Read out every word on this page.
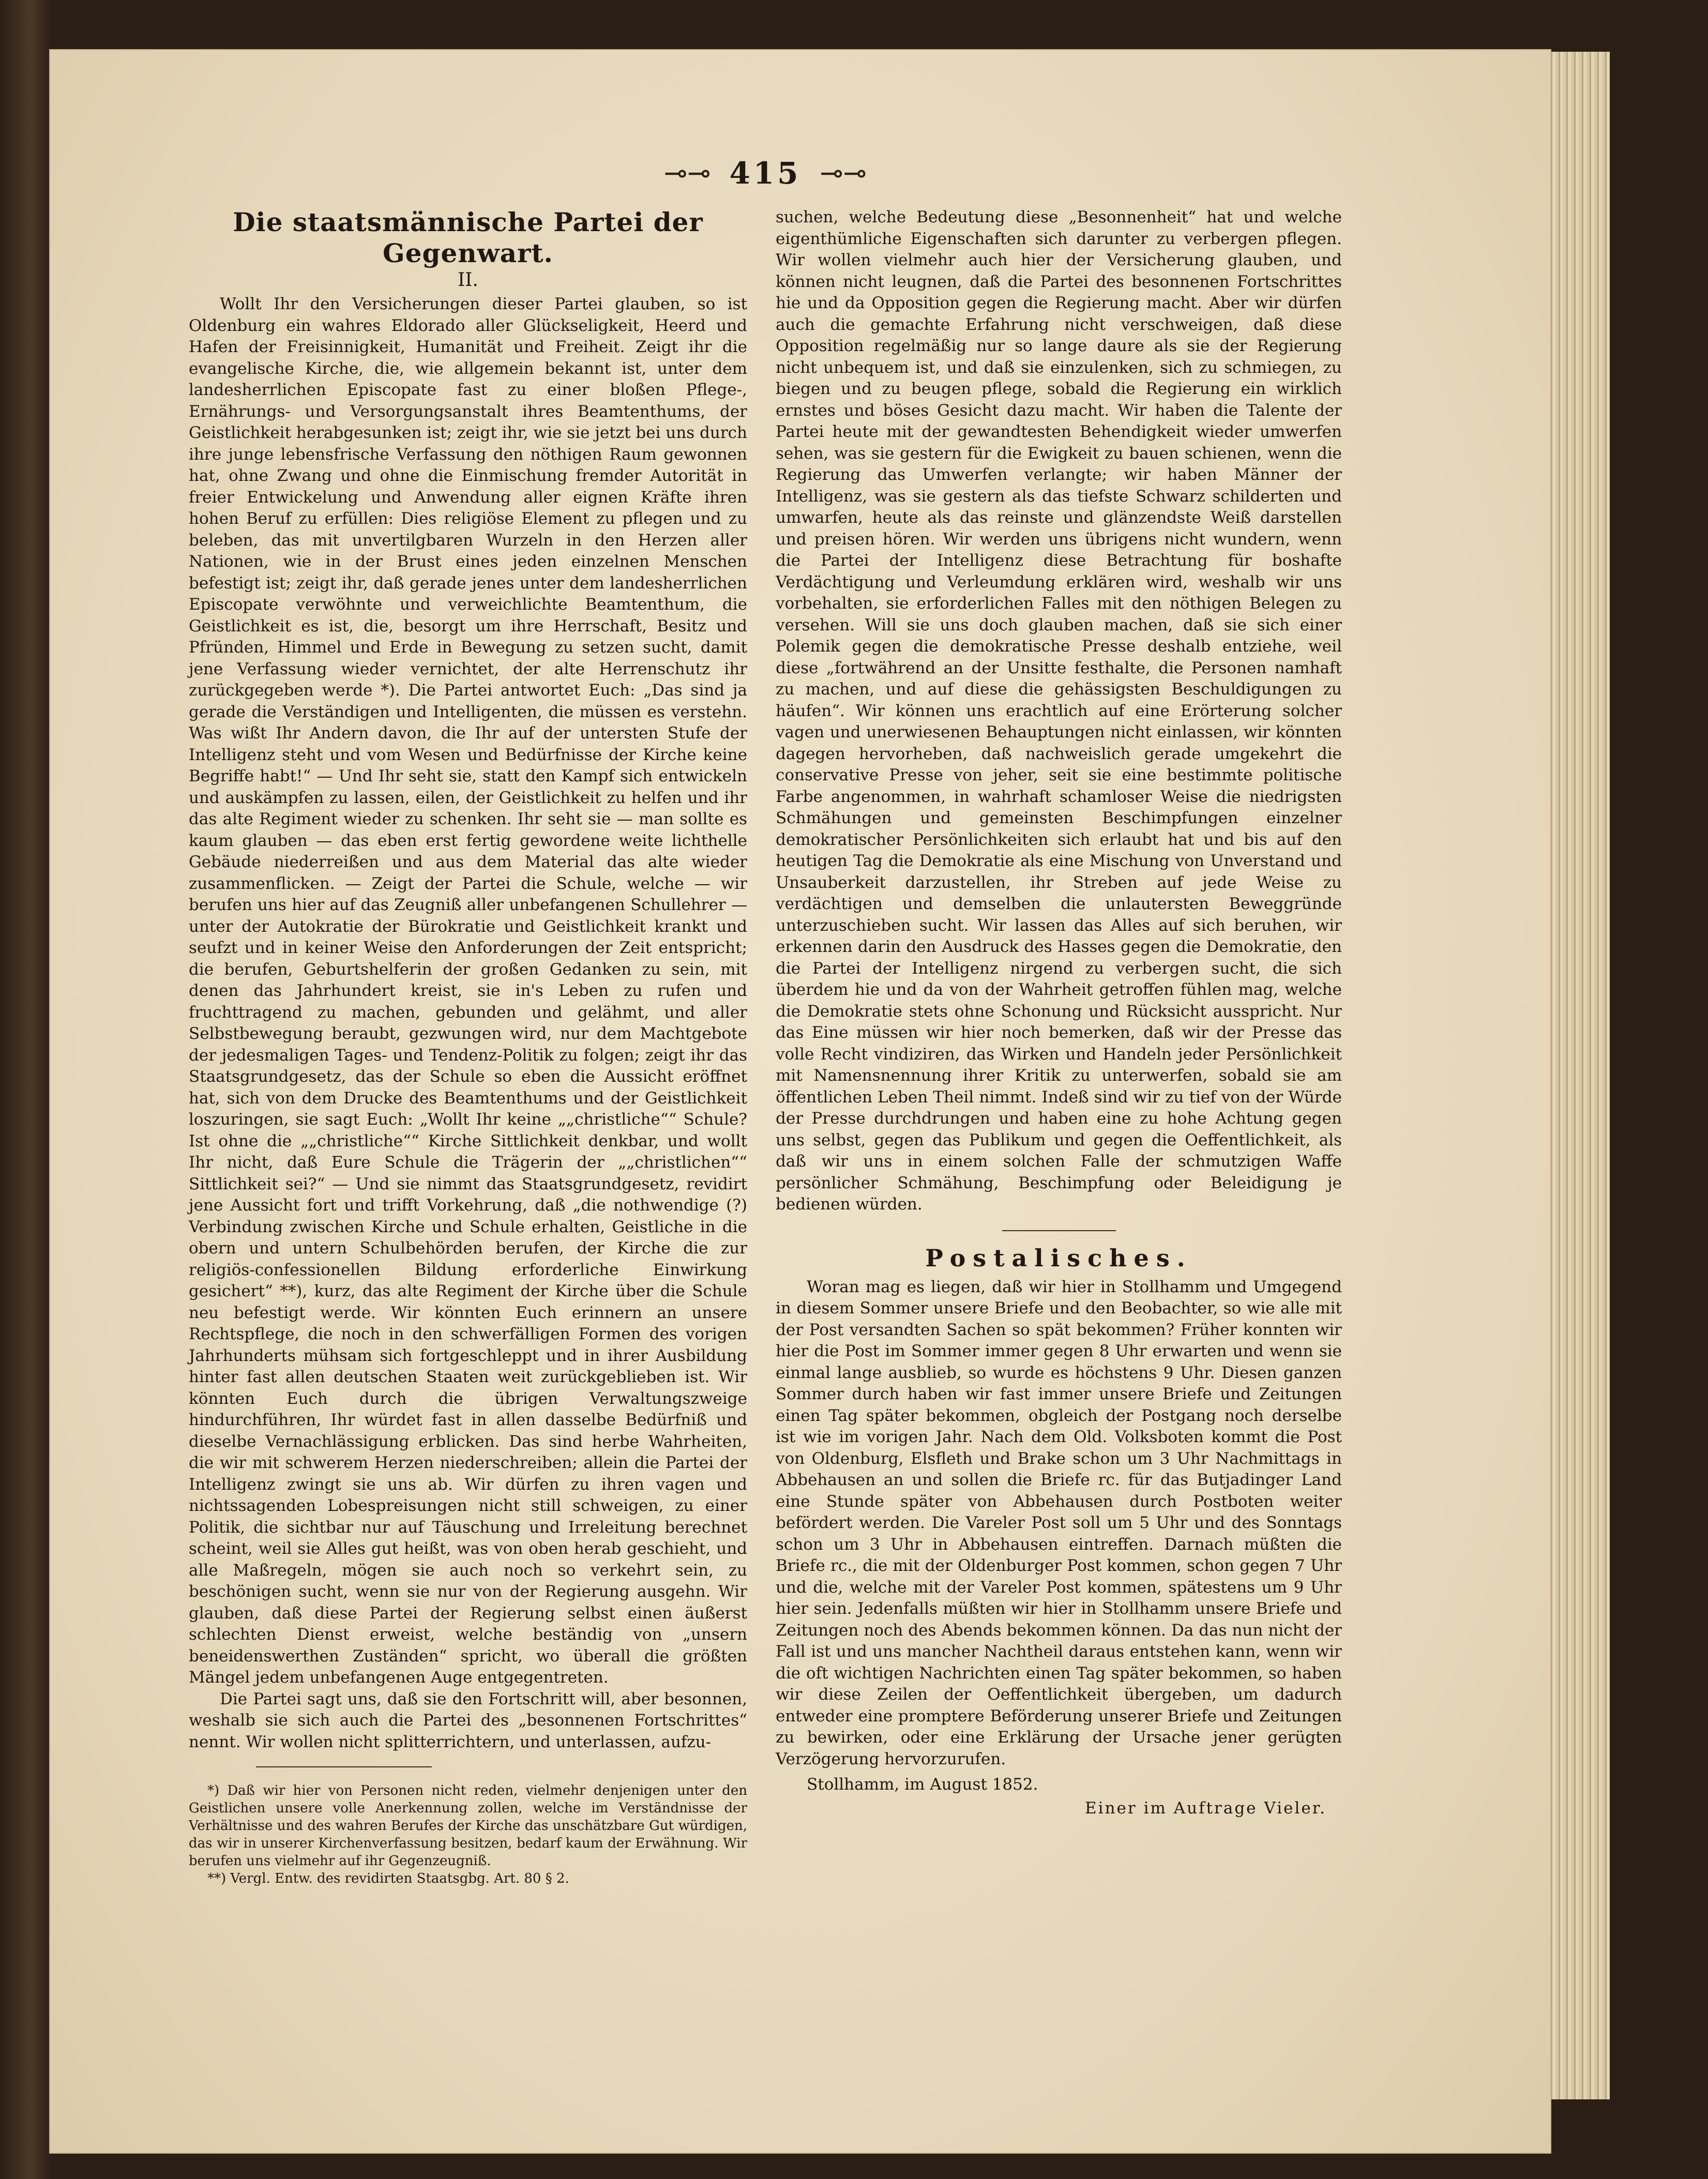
⊸⊸ 415 ⊸⊸
Die staatsmännische Partei der Gegenwart.
II.

Wollt Ihr den Versicherungen dieser Partei glauben, so ist Oldenburg ein wahres Eldorado aller Glückseligkeit, Heerd und Hafen der Freisinnigkeit, Humanität und Freiheit. Zeigt ihr die evangelische Kirche, die, wie allgemein bekannt ist, unter dem landesherrlichen Episcopate fast zu einer bloßen Pflege-, Ernährungs- und Versorgungsanstalt ihres Beamtenthums, der Geistlichkeit herabgesunken ist; zeigt ihr, wie sie jetzt bei uns durch ihre junge lebensfrische Verfassung den nöthigen Raum gewonnen hat, ohne Zwang und ohne die Einmischung fremder Autorität in freier Entwickelung und Anwendung aller eignen Kräfte ihren hohen Beruf zu erfüllen: Dies religiöse Element zu pflegen und zu beleben, das mit unvertilgbaren Wurzeln in den Herzen aller Nationen, wie in der Brust eines jeden einzelnen Menschen befestigt ist; zeigt ihr, daß gerade jenes unter dem landesherrlichen Episcopate verwöhnte und verweichlichte Beamtenthum, die Geistlichkeit es ist, die, besorgt um ihre Herrschaft, Besitz und Pfründen, Himmel und Erde in Bewegung zu setzen sucht, damit jene Verfassung wieder vernichtet, der alte Herrenschutz ihr zurückgegeben werde *). Die Partei antwortet Euch: „Das sind ja gerade die Verständigen und Intelligenten, die müssen es verstehn. Was wißt Ihr Andern davon, die Ihr auf der untersten Stufe der Intelligenz steht und vom Wesen und Bedürfnisse der Kirche keine Begriffe habt!“ — Und Ihr seht sie, statt den Kampf sich entwickeln und auskämpfen zu lassen, eilen, der Geistlichkeit zu helfen und ihr das alte Regiment wieder zu schenken. Ihr seht sie — man sollte es kaum glauben — das eben erst fertig gewordene weite lichthelle Gebäude niederreißen und aus dem Material das alte wieder zusammenflicken. — Zeigt der Partei die Schule, welche — wir berufen uns hier auf das Zeugniß aller unbefangenen Schullehrer — unter der Autokratie der Bürokratie und Geistlichkeit krankt und seufzt und in keiner Weise den Anforderungen der Zeit entspricht; die berufen, Geburtshelferin der großen Gedanken zu sein, mit denen das Jahrhundert kreist, sie in's Leben zu rufen und fruchttragend zu machen, gebunden und gelähmt, und aller Selbstbewegung beraubt, gezwungen wird, nur dem Machtgebote der jedesmaligen Tages- und Tendenz-Politik zu folgen; zeigt ihr das Staatsgrundgesetz, das der Schule so eben die Aussicht eröffnet hat, sich von dem Drucke des Beamtenthums und der Geistlichkeit loszuringen, sie sagt Euch: „Wollt Ihr keine „„christliche““ Schule? Ist ohne die „„christliche““ Kirche Sittlichkeit denkbar, und wollt Ihr nicht, daß Eure Schule die Trägerin der „„christlichen““ Sittlichkeit sei?“ — Und sie nimmt das Staatsgrundgesetz, revidirt jene Aussicht fort und trifft Vorkehrung, daß „die nothwendige (?) Verbindung zwischen Kirche und Schule erhalten, Geistliche in die obern und untern Schulbehörden berufen, der Kirche die zur religiös-confessionellen Bildung erforderliche Einwirkung gesichert“ **), kurz, das alte Regiment der Kirche über die Schule neu befestigt werde. Wir könnten Euch erinnern an unsere Rechtspflege, die noch in den schwerfälligen Formen des vorigen Jahrhunderts mühsam sich fortgeschleppt und in ihrer Ausbildung hinter fast allen deutschen Staaten weit zurückgeblieben ist. Wir könnten Euch durch die übrigen Verwaltungszweige hindurchführen, Ihr würdet fast in allen dasselbe Bedürfniß und dieselbe Vernachlässigung erblicken. Das sind herbe Wahrheiten, die wir mit schwerem Herzen niederschreiben; allein die Partei der Intelligenz zwingt sie uns ab. Wir dürfen zu ihren vagen und nichtssagenden Lobespreisungen nicht still schweigen, zu einer Politik, die sichtbar nur auf Täuschung und Irreleitung berechnet scheint, weil sie Alles gut heißt, was von oben herab geschieht, und alle Maßregeln, mögen sie auch noch so verkehrt sein, zu beschönigen sucht, wenn sie nur von der Regierung ausgehn. Wir glauben, daß diese Partei der Regierung selbst einen äußerst schlechten Dienst erweist, welche beständig von „unsern beneidenswerthen Zuständen“ spricht, wo überall die größten Mängel jedem unbefangenen Auge entgegentreten.

Die Partei sagt uns, daß sie den Fortschritt will, aber besonnen, weshalb sie sich auch die Partei des „besonnenen Fortschrittes“ nennt. Wir wollen nicht splitterrichtern, und unterlassen, aufzu-

*) Daß wir hier von Personen nicht reden, vielmehr denjenigen unter den Geistlichen unsere volle Anerkennung zollen, welche im Verständnisse der Verhältnisse und des wahren Berufes der Kirche das unschätzbare Gut würdigen, das wir in unserer Kirchenverfassung besitzen, bedarf kaum der Erwähnung. Wir berufen uns vielmehr auf ihr Gegenzeugniß.

**) Vergl. Entw. des revidirten Staatsgbg. Art. 80 § 2.

suchen, welche Bedeutung diese „Besonnenheit“ hat und welche eigenthümliche Eigenschaften sich darunter zu verbergen pflegen. Wir wollen vielmehr auch hier der Versicherung glauben, und können nicht leugnen, daß die Partei des besonnenen Fortschrittes hie und da Opposition gegen die Regierung macht. Aber wir dürfen auch die gemachte Erfahrung nicht verschweigen, daß diese Opposition regelmäßig nur so lange daure als sie der Regierung nicht unbequem ist, und daß sie einzulenken, sich zu schmiegen, zu biegen und zu beugen pflege, sobald die Regierung ein wirklich ernstes und böses Gesicht dazu macht. Wir haben die Talente der Partei heute mit der gewandtesten Behendigkeit wieder umwerfen sehen, was sie gestern für die Ewigkeit zu bauen schienen, wenn die Regierung das Umwerfen verlangte; wir haben Männer der Intelligenz, was sie gestern als das tiefste Schwarz schilderten und umwarfen, heute als das reinste und glänzendste Weiß darstellen und preisen hören. Wir werden uns übrigens nicht wundern, wenn die Partei der Intelligenz diese Betrachtung für boshafte Verdächtigung und Verleumdung erklären wird, weshalb wir uns vorbehalten, sie erforderlichen Falles mit den nöthigen Belegen zu versehen. Will sie uns doch glauben machen, daß sie sich einer Polemik gegen die demokratische Presse deshalb entziehe, weil diese „fortwährend an der Unsitte festhalte, die Personen namhaft zu machen, und auf diese die gehässigsten Beschuldigungen zu häufen“. Wir können uns erachtlich auf eine Erörterung solcher vagen und unerwiesenen Behauptungen nicht einlassen, wir könnten dagegen hervorheben, daß nachweislich gerade umgekehrt die conservative Presse von jeher, seit sie eine bestimmte politische Farbe angenommen, in wahrhaft schamloser Weise die niedrigsten Schmähungen und gemeinsten Beschimpfungen einzelner demokratischer Persönlichkeiten sich erlaubt hat und bis auf den heutigen Tag die Demokratie als eine Mischung von Unverstand und Unsauberkeit darzustellen, ihr Streben auf jede Weise zu verdächtigen und demselben die unlautersten Beweggründe unterzuschieben sucht. Wir lassen das Alles auf sich beruhen, wir erkennen darin den Ausdruck des Hasses gegen die Demokratie, den die Partei der Intelligenz nirgend zu verbergen sucht, die sich überdem hie und da von der Wahrheit getroffen fühlen mag, welche die Demokratie stets ohne Schonung und Rücksicht ausspricht. Nur das Eine müssen wir hier noch bemerken, daß wir der Presse das volle Recht vindiziren, das Wirken und Handeln jeder Persönlichkeit mit Namensnennung ihrer Kritik zu unterwerfen, sobald sie am öffentlichen Leben Theil nimmt. Indeß sind wir zu tief von der Würde der Presse durchdrungen und haben eine zu hohe Achtung gegen uns selbst, gegen das Publikum und gegen die Oeffentlichkeit, als daß wir uns in einem solchen Falle der schmutzigen Waffe persönlicher Schmähung, Beschimpfung oder Beleidigung je bedienen würden.

Postalisches.

Woran mag es liegen, daß wir hier in Stollhamm und Umgegend in diesem Sommer unsere Briefe und den Beobachter, so wie alle mit der Post versandten Sachen so spät bekommen? Früher konnten wir hier die Post im Sommer immer gegen 8 Uhr erwarten und wenn sie einmal lange ausblieb, so wurde es höchstens 9 Uhr. Diesen ganzen Sommer durch haben wir fast immer unsere Briefe und Zeitungen einen Tag später bekommen, obgleich der Postgang noch derselbe ist wie im vorigen Jahr. Nach dem Old. Volksboten kommt die Post von Oldenburg, Elsfleth und Brake schon um 3 Uhr Nachmittags in Abbehausen an und sollen die Briefe rc. für das Butjadinger Land eine Stunde später von Abbehausen durch Postboten weiter befördert werden. Die Vareler Post soll um 5 Uhr und des Sonntags schon um 3 Uhr in Abbehausen eintreffen. Darnach müßten die Briefe rc., die mit der Oldenburger Post kommen, schon gegen 7 Uhr und die, welche mit der Vareler Post kommen, spätestens um 9 Uhr hier sein. Jedenfalls müßten wir hier in Stollhamm unsere Briefe und Zeitungen noch des Abends bekommen können. Da das nun nicht der Fall ist und uns mancher Nachtheil daraus entstehen kann, wenn wir die oft wichtigen Nachrichten einen Tag später bekommen, so haben wir diese Zeilen der Oeffentlichkeit übergeben, um dadurch entweder eine promptere Beförderung unserer Briefe und Zeitungen zu bewirken, oder eine Erklärung der Ursache jener gerügten Verzögerung hervorzurufen.

Stollhamm, im August 1852.

Einer im Auftrage Vieler.
